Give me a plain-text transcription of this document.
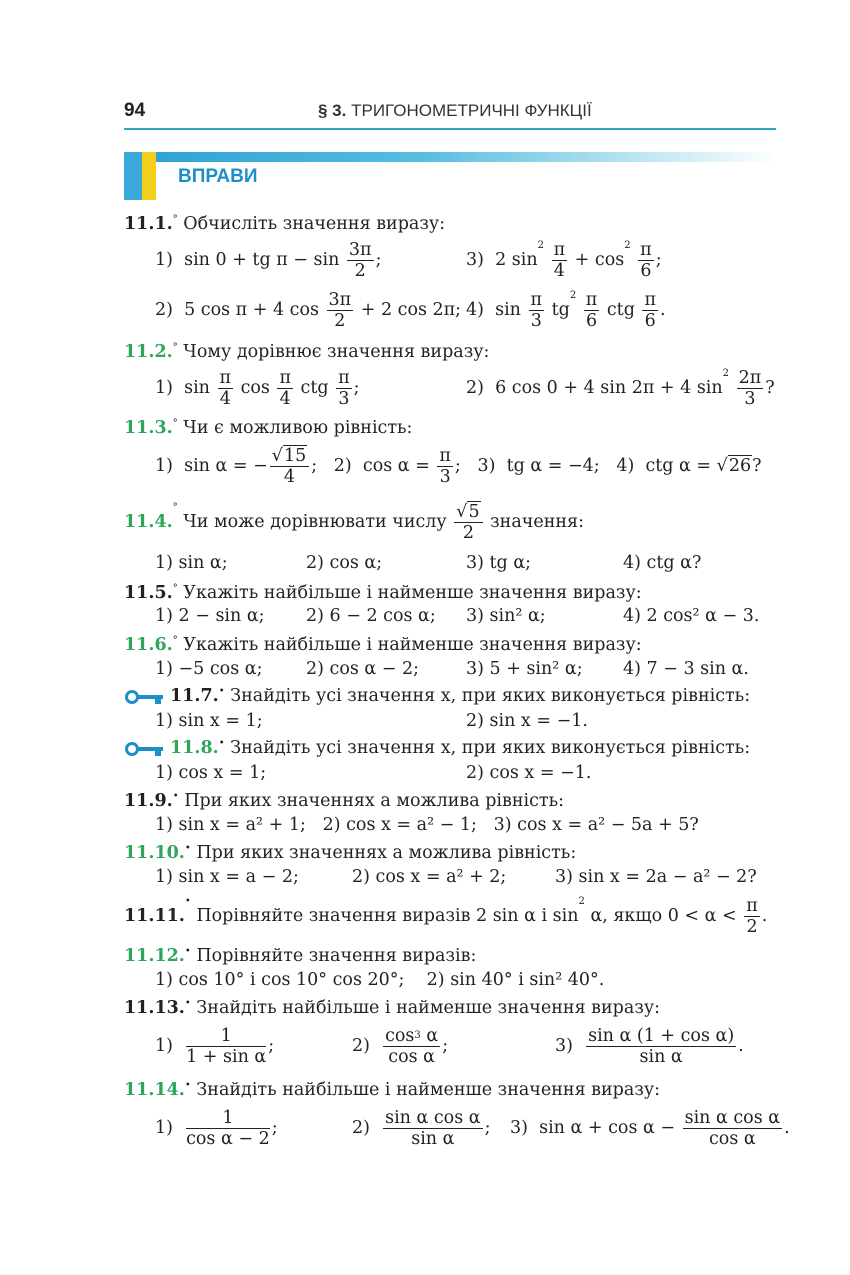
94	§ 3. ТРИГОНОМЕТРИЧНІ ФУНКЦІЇ
ВПРАВИ
11.1.° Обчисліть значення виразу:
1)  sin 0 + tg $\pi - \sin \frac{3\pi}{2}$ ;	3)  2 $\sin^2 \frac{\pi}{4} + \cos^2 \frac{\pi}{6}$ ;
2)  5 cos π + 4 $\cos \frac{3\pi}{2} + 2$ cos 2π; 4)  $\sin \frac{\pi}{3} tg^2 \frac{\pi}{6}$ ctg $\frac{\pi}{6}$ .
11.2.° Чому дорівнює значення виразу:
1)  $\sin \frac{\pi}{4}$ $\cos \frac{\pi}{4}$ ctg $\frac{\pi}{3}$ ;	2)  6 cos 0 + 4 sin 2π + 4 $\sin^2 \frac{2\pi}{3}$ ?
11.3.° Чи є можливою рівність:
1)  sin α = − $\frac{√15}{4}$ ;   2)  $\cos \alpha = \frac{\pi}{3}$ ;   3)  tg α = −4;   4)  ctg α = √26?
11.4.° Чи може дорівнювати числу $\frac{√5}{2}$ значення:
1) sin α;	2) cos α;	3) tg α;	4) ctg α?
11.5.° Укажіть найбільше і найменше значення виразу:
1) 2 − sin α; 2) 6 − 2 cos α; 3) sin² α;	4) 2 cos² α − 3.
11.6.° Укажіть найбільше і найменше значення виразу:
1) −5 cos α; 2) cos α − 2;	3) 5 + sin² α; 4) 7 − 3 sin α.
11.7.• Знайдіть усі значення x, при яких виконується рівність:
1) sin x = 1;	2) sin x = −1.
11.8.• Знайдіть усі значення x, при яких виконується рівність:
1) cos x = 1;	2) cos x = −1.
11.9.• При яких значеннях a можлива рівність:
1) sin x = a² + 1; 2) cos x = a² − 1; 3) cos x = a² − 5a + 5?
11.10.• При яких значеннях a можлива рівність:
1) sin x = a − 2;	2) cos x = a² + 2;	3) sin x = 2a − a² − 2?
11.11.• Порівняйте значення виразів 2 sin α і $\sin^2 \alpha$, якщо $0 < \alpha < \frac{\pi}{2}$ .
11.12.• Порівняйте значення виразів:
1) cos 10° і cos 10° cos 20°; 2) sin 40° і sin² 40°.
11.13.• Знайдіть найбільше і найменше значення виразу:
$1) \frac{1}{\text{1 + sin α}}$ ;	$2) \frac{\cos^3 \alpha}{\text{cos α}}$ ;	$3) \frac{\text{sin α (1 + cos α)}}{\text{sin α}}$ .
11.14.• Знайдіть найбільше і найменше значення виразу:
$1) \frac{1}{\text{cos α − 2}}$ ;	$2) \frac{\text{sin α cos α}}{\text{sin α}}$ ; 3)  $\sin \alpha + \cos \alpha - \frac{\text{sin α cos α}}{\text{cos α}}$ .
